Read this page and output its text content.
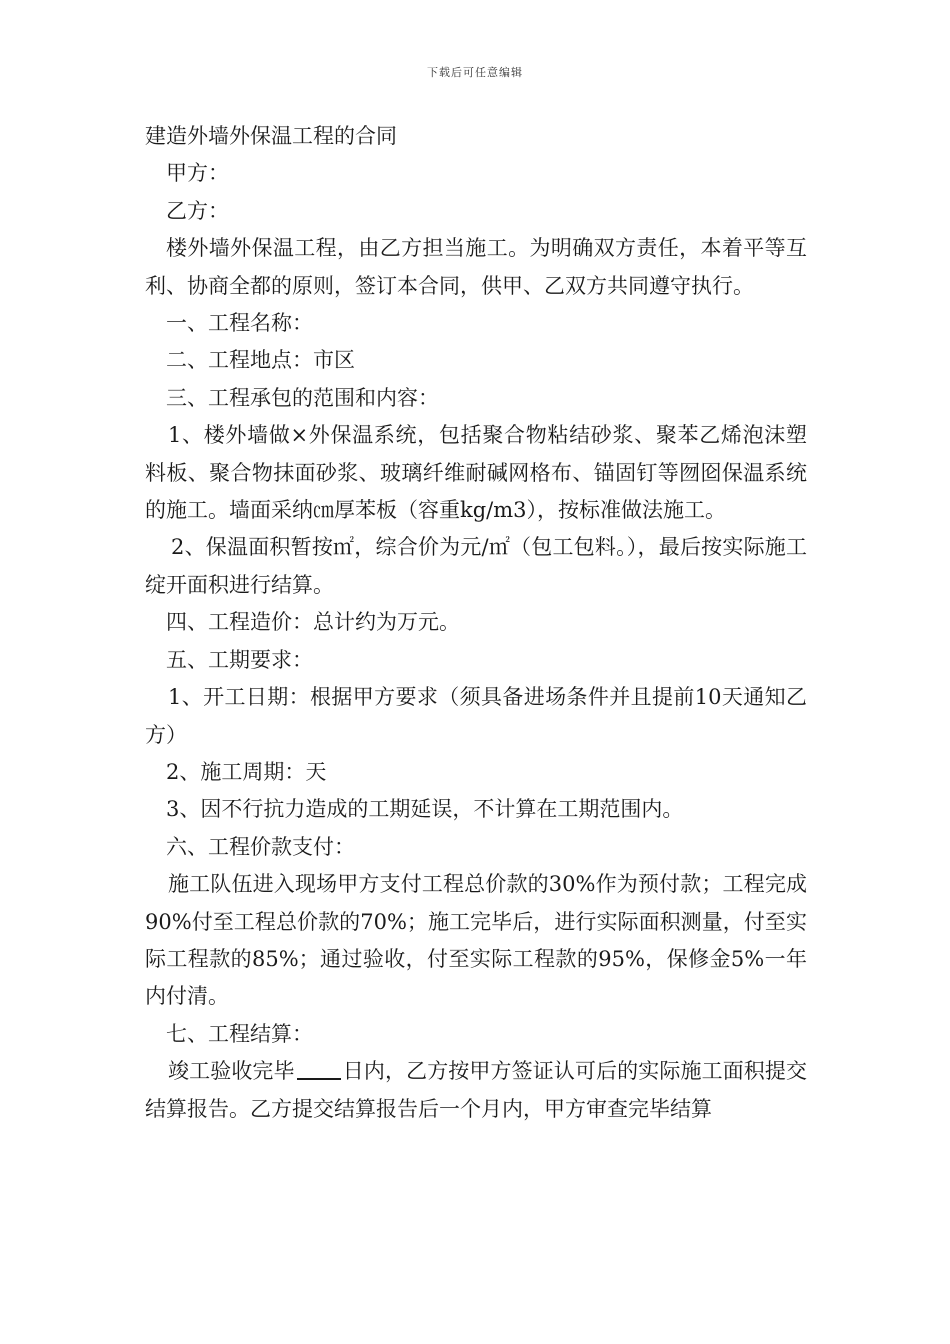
下载后可任意编辑

建造外墙外保温工程的合同

甲方：

乙方：

楼外墙外保温工程，由乙方担当施工。为明确双方责任，本着平等互利、协商全都的原则，签订本合同，供甲、乙双方共同遵守执行。

一、工程名称：

二、工程地点：市区

三、工程承包的范围和内容：

1、楼外墙做×外保温系统，包括聚合物粘结砂浆、聚苯乙烯泡沫塑料板、聚合物抹面砂浆、玻璃纤维耐碱网格布、锚固钉等囫囵保温系统的施工。墙面采纳㎝厚苯板（容重kg/m3），按标准做法施工。

2、保温面积暂按㎡，综合价为元/㎡（包工包料。），最后按实际施工绽开面积进行结算。

四、工程造价：总计约为万元。

五、工期要求：

1、开工日期：根据甲方要求（须具备进场条件并且提前10天通知乙方）

2、施工周期：天

3、因不行抗力造成的工期延误，不计算在工期范围内。

六、工程价款支付：

施工队伍进入现场甲方支付工程总价款的30%作为预付款；工程完成90%付至工程总价款的70%；施工完毕后，进行实际面积测量，付至实际工程款的85%；通过验收，付至实际工程款的95%，保修金5%一年内付清。

七、工程结算：

竣工验收完毕 日内，乙方按甲方签证认可后的实际施工面积提交结算报告。乙方提交结算报告后一个月内，甲方审查完毕结算
